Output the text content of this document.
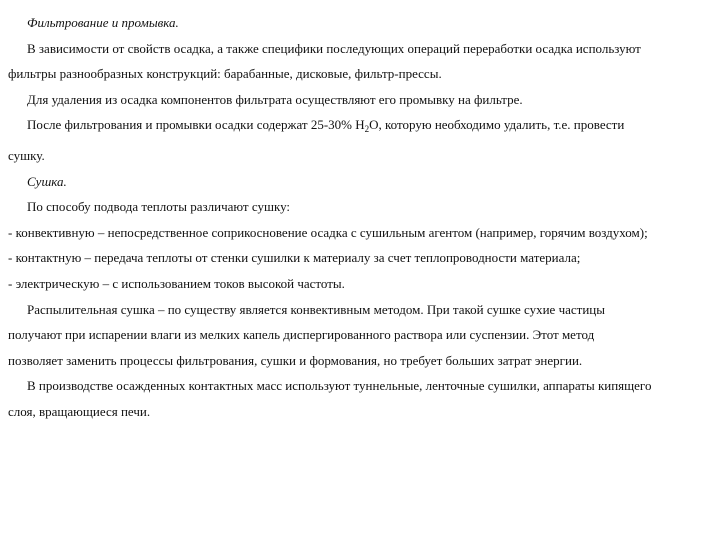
Фильтрование и промывка.

В зависимости от свойств осадка, а также специфики последующих операций переработки осадка используют

фильтры разнообразных конструкций: барабанные, дисковые, фильтр-прессы.

Для удаления из осадка компонентов фильтрата осуществляют его промывку на фильтре.

После фильтрования и промывки осадки содержат 25-30% $H_2O$, которую необходимо удалить, т.е. провести

сушку.

Сушка.

По способу подвода теплоты различают сушку:

- конвективную – непосредственное соприкосновение осадка с сушильным агентом (например, горячим воздухом);

- контактную – передача теплоты от стенки сушилки к материалу за счет теплопроводности материала;

- электрическую – с использованием токов высокой частоты.

Распылительная сушка – по существу является конвективным методом. При такой сушке сухие частицы

получают при испарении влаги из мелких капель диспергированного раствора или суспензии. Этот метод

позволяет заменить процессы фильтрования, сушки и формования, но требует больших затрат энергии.

В производстве осажденных контактных масс используют туннельные, ленточные сушилки, аппараты кипящего

слоя, вращающиеся печи.
